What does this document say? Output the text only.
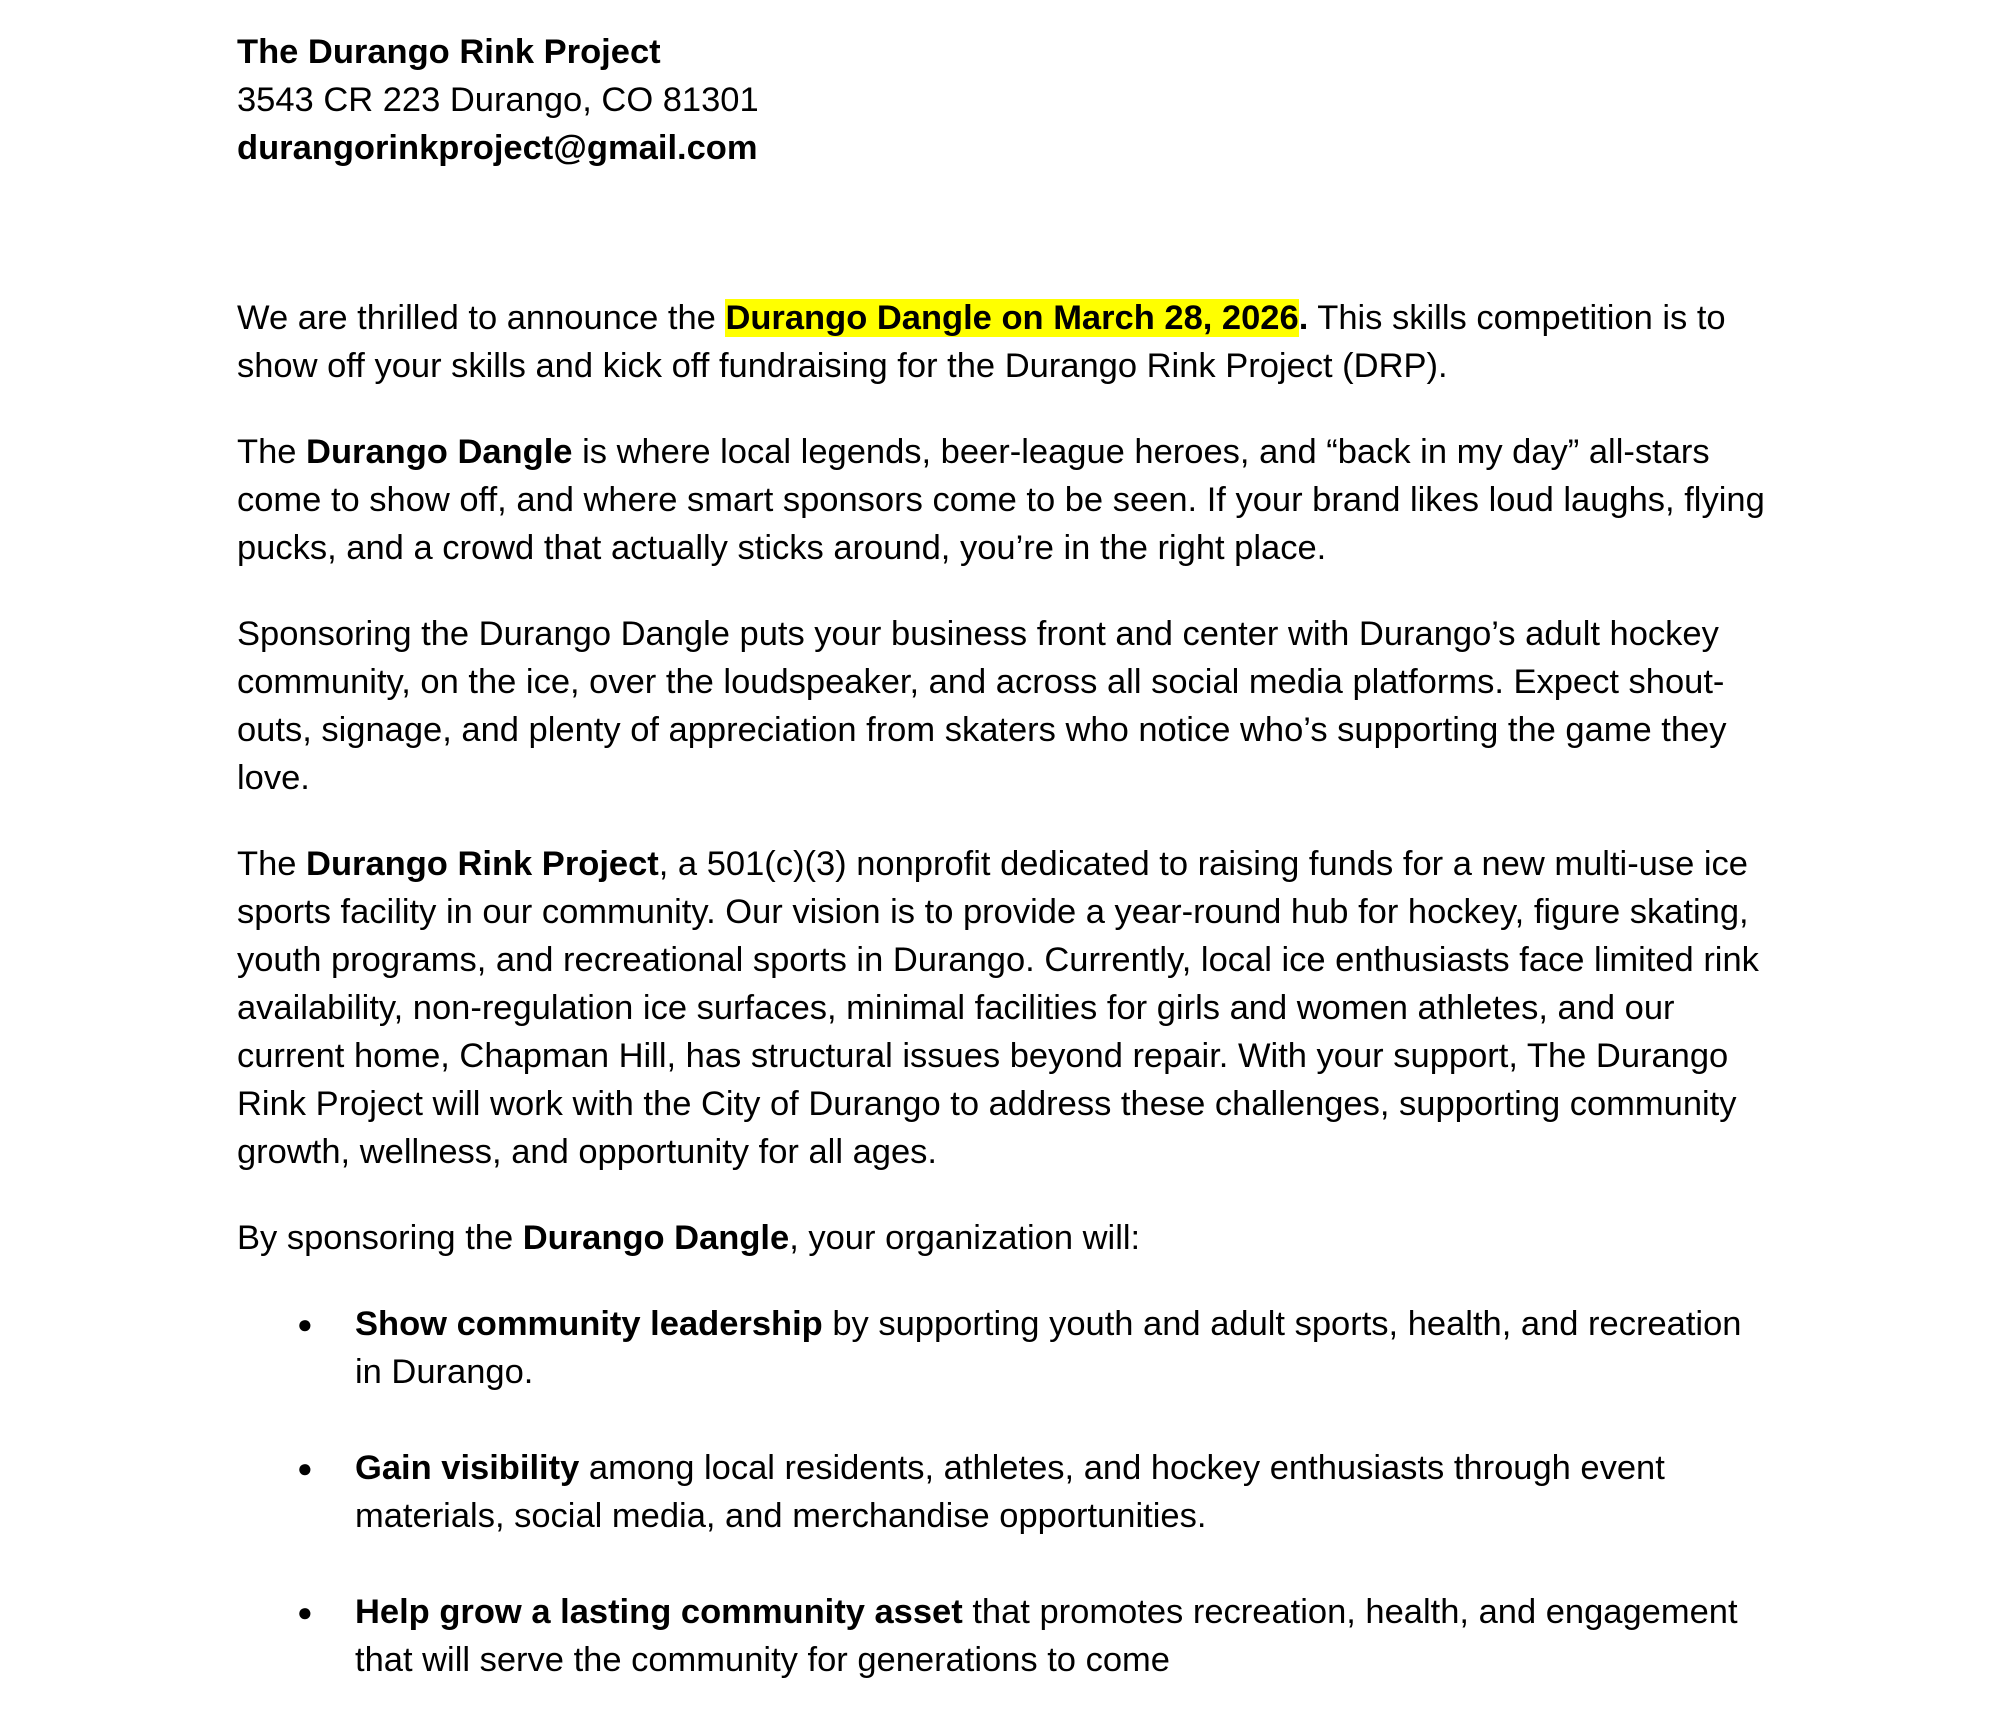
The Durango Rink Project

3543 CR 223 Durango, CO 81301

durangorinkproject@gmail.com

We are thrilled to announce the Durango Dangle on March 28, 2026. This skills competition is to show off your skills and kick off fundraising for the Durango Rink Project (DRP).

The Durango Dangle is where local legends, beer-league heroes, and “back in my day” all-stars come to show off, and where smart sponsors come to be seen. If your brand likes loud laughs, flying pucks, and a crowd that actually sticks around, you’re in the right place.

Sponsoring the Durango Dangle puts your business front and center with Durango’s adult hockey community, on the ice, over the loudspeaker, and across all social media platforms. Expect shout-outs, signage, and plenty of appreciation from skaters who notice who’s supporting the game they love.

The Durango Rink Project, a 501(c)(3) nonprofit dedicated to raising funds for a new multi-use ice sports facility in our community. Our vision is to provide a year-round hub for hockey, figure skating, youth programs, and recreational sports in Durango. Currently, local ice enthusiasts face limited rink availability, non-regulation ice surfaces, minimal facilities for girls and women athletes, and our current home, Chapman Hill, has structural issues beyond repair. With your support, The Durango Rink Project will work with the City of Durango to address these challenges, supporting community growth, wellness, and opportunity for all ages.

By sponsoring the Durango Dangle, your organization will:

● Show community leadership by supporting youth and adult sports, health, and recreation in Durango.
● Gain visibility among local residents, athletes, and hockey enthusiasts through event materials, social media, and merchandise opportunities.
● Help grow a lasting community asset that promotes recreation, health, and engagement that will serve the community for generations to come
